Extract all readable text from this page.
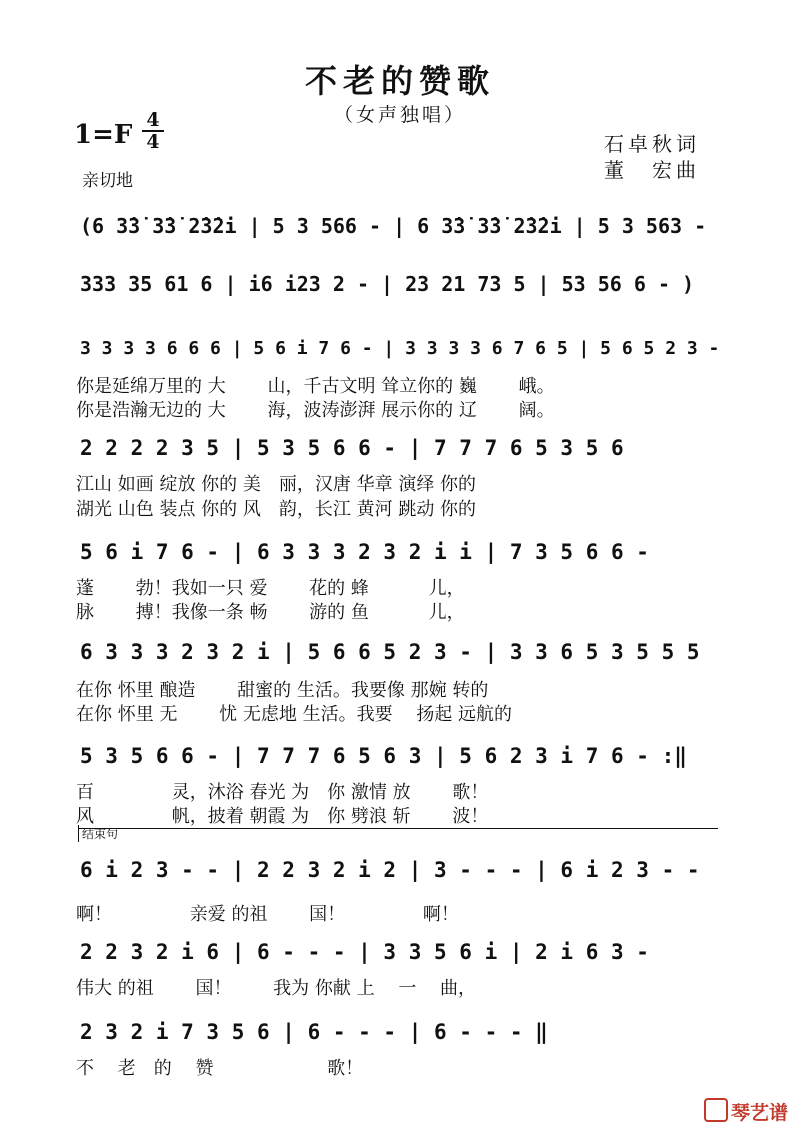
不老的赞歌
（女声独唱）
1=F 4
4	石卓秋词
董　宏曲
亲切地
(6 3̇3̇ 3̇3̇ 2̇3̇2̇i | 5 3 566 - | 6 3̇3̇ 3̇3̇ 2̇3̇2̇i | 5 3 563 -
333 35 61 6 | i6 i23 2 - | 23 21 73 5 | 53 56 6 - )
3 3 3 3 6 6 6 | 5 6 i 7 6 - | 3 3 3 3 6 7 6 5 | 5 6 5 2 3 -
你是延绵万里的 大　　 山，千古文明 耸立你的 巍　　 峨。
你是浩瀚无边的 大　　 海，波涛澎湃 展示你的 辽　　 阔。
2 2 2 2 3 5 | 5 3 5 6 6 - | 7 7 7 6 5 3 5 6
江山 如画 绽放 你的 美　丽，汉唐 华章 演绎 你的
湖光 山色 装点 你的 风　韵，长江 黄河 跳动 你的
5 6 i 7 6 - | 6 3 3 3 2 3 2 i i | 7 3 5 6 6 -
蓬　　 勃！我如一只 爱　　 花的 蜂　　　 儿，
脉　　 搏！我像一条 畅　　 游的 鱼　　　 儿，
6 3 3 3 2 3 2 i | 5 6 6 5 2 3 - | 3 3 6 5 3 5 5 5
在你 怀里 酿造　　 甜蜜的 生活。我要像 那婉 转的
在你 怀里 无　　 忧 无虑地 生活。我要　 扬起 远航的
5 3 5 6 6 - | 7 7 7 6 5 6 3 | 5 6 2 3 i 7 6 - :‖
百　　　　 灵，沐浴 春光 为　你 激情 放　　 歌！
风　　　　 帆，披着 朝霞 为　你 劈浪 斩　　 波！
结束句
6 i 2 3 - - | 2 2 3 2 i 2 | 3 - - - | 6 i 2 3 - -
啊！　　　　 亲爱 的祖　　 国！　　　　 啊！
2 2 3 2 i 6 | 6 - - - | 3 3 5 6 i | 2 i 6 3 -
伟大 的祖　　 国！　　 我为 你献 上　 一　 曲，
2 3 2 i 7 3 5 6 | 6 - - - | 6 - - - ‖
不　 老　的　 赞　　　　　　 歌！
琴艺谱
